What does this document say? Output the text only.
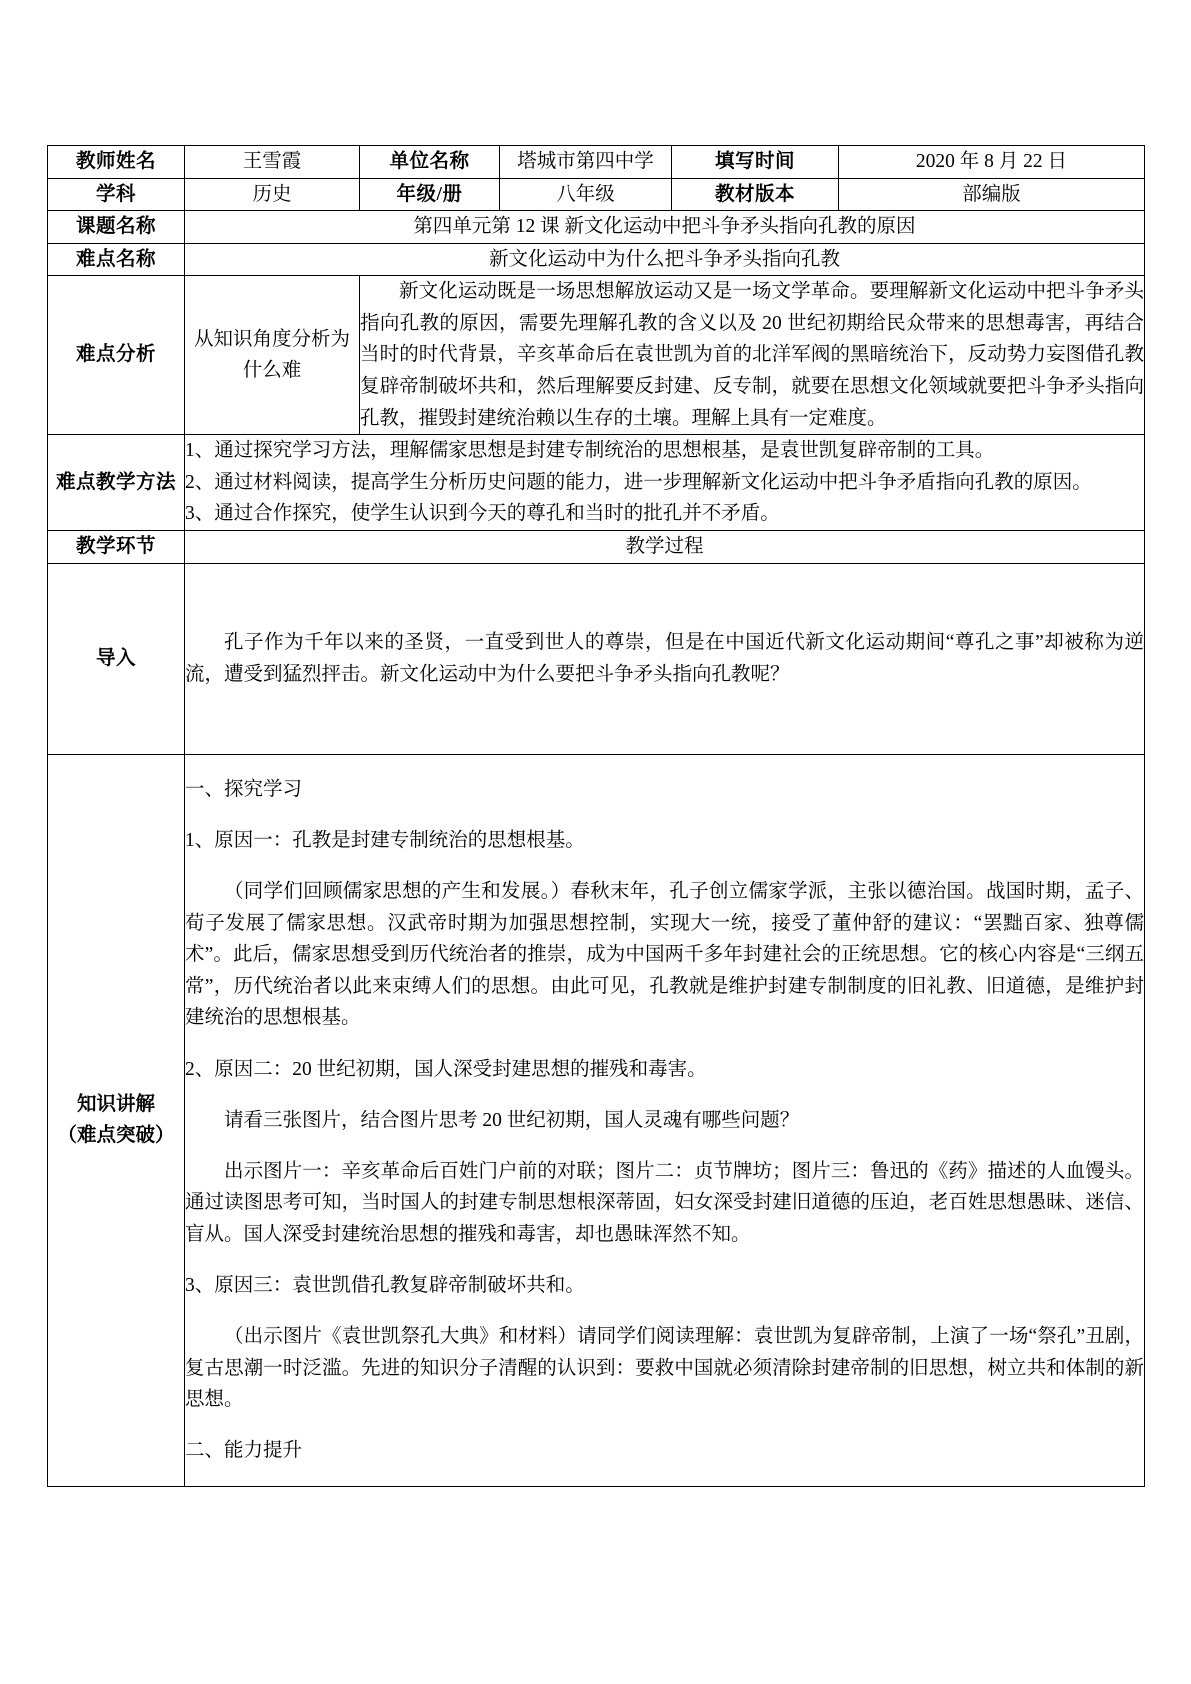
教师姓名	王雪霞	单位名称	塔城市第四中学	填写时间	2020 年 8 月 22 日
学科	历史	年级/册	八年级	教材版本	部编版
课题名称	第四单元第 12 课 新文化运动中把斗争矛头指向孔教的原因				
难点名称	新文化运动中为什么把斗争矛头指向孔教				
难点分析	从知识角度分析为什么难	新文化运动既是一场思想解放运动又是一场文学革命。要理解新文化运动中把斗争矛头指向孔教的原因，需要先理解孔教的含义以及 20 世纪初期给民众带来的思想毒害，再结合当时的时代背景，辛亥革命后在袁世凯为首的北洋军阀的黑暗统治下，反动势力妄图借孔教复辟帝制破坏共和，然后理解要反封建、反专制，就要在思想文化领域就要把斗争矛头指向孔教，摧毁封建统治赖以生存的土壤。理解上具有一定难度。			

难点教学方法	1、通过探究学习方法，理解儒家思想是封建专制统治的思想根基，是袁世凯复辟帝制的工具。

2、通过材料阅读，提高学生分析历史问题的能力，进一步理解新文化运动中把斗争矛盾指向孔教的原因。

3、通过合作探究，使学生认识到今天的尊孔和当时的批孔并不矛盾。				

教学环节	教学过程				
导入	孔子作为千年以来的圣贤，一直受到世人的尊崇，但是在中国近代新文化运动期间“尊孔之事”却被称为逆流，遭受到猛烈抨击。新文化运动中为什么要把斗争矛头指向孔教呢？				

知识讲解
（难点突破）

一、探究学习

1、原因一：孔教是封建专制统治的思想根基。

（同学们回顾儒家思想的产生和发展。）春秋末年，孔子创立儒家学派，主张以德治国。战国时期，孟子、荀子发展了儒家思想。汉武帝时期为加强思想控制，实现大一统，接受了董仲舒的建议：“罢黜百家、独尊儒术”。此后，儒家思想受到历代统治者的推崇，成为中国两千多年封建社会的正统思想。它的核心内容是“三纲五常”，历代统治者以此来束缚人们的思想。由此可见，孔教就是维护封建专制制度的旧礼教、旧道德，是维护封建统治的思想根基。

2、原因二：20 世纪初期，国人深受封建思想的摧残和毒害。

请看三张图片，结合图片思考 20 世纪初期，国人灵魂有哪些问题？

出示图片一：辛亥革命后百姓门户前的对联；图片二：贞节牌坊；图片三：鲁迅的《药》描述的人血馒头。通过读图思考可知，当时国人的封建专制思想根深蒂固，妇女深受封建旧道德的压迫，老百姓思想愚昧、迷信、盲从。国人深受封建统治思想的摧残和毒害，却也愚昧浑然不知。

3、原因三：袁世凯借孔教复辟帝制破坏共和。

（出示图片《袁世凯祭孔大典》和材料）请同学们阅读理解：袁世凯为复辟帝制，上演了一场“祭孔”丑剧，复古思潮一时泛滥。先进的知识分子清醒的认识到：要救中国就必须清除封建帝制的旧思想，树立共和体制的新思想。

二、能力提升
